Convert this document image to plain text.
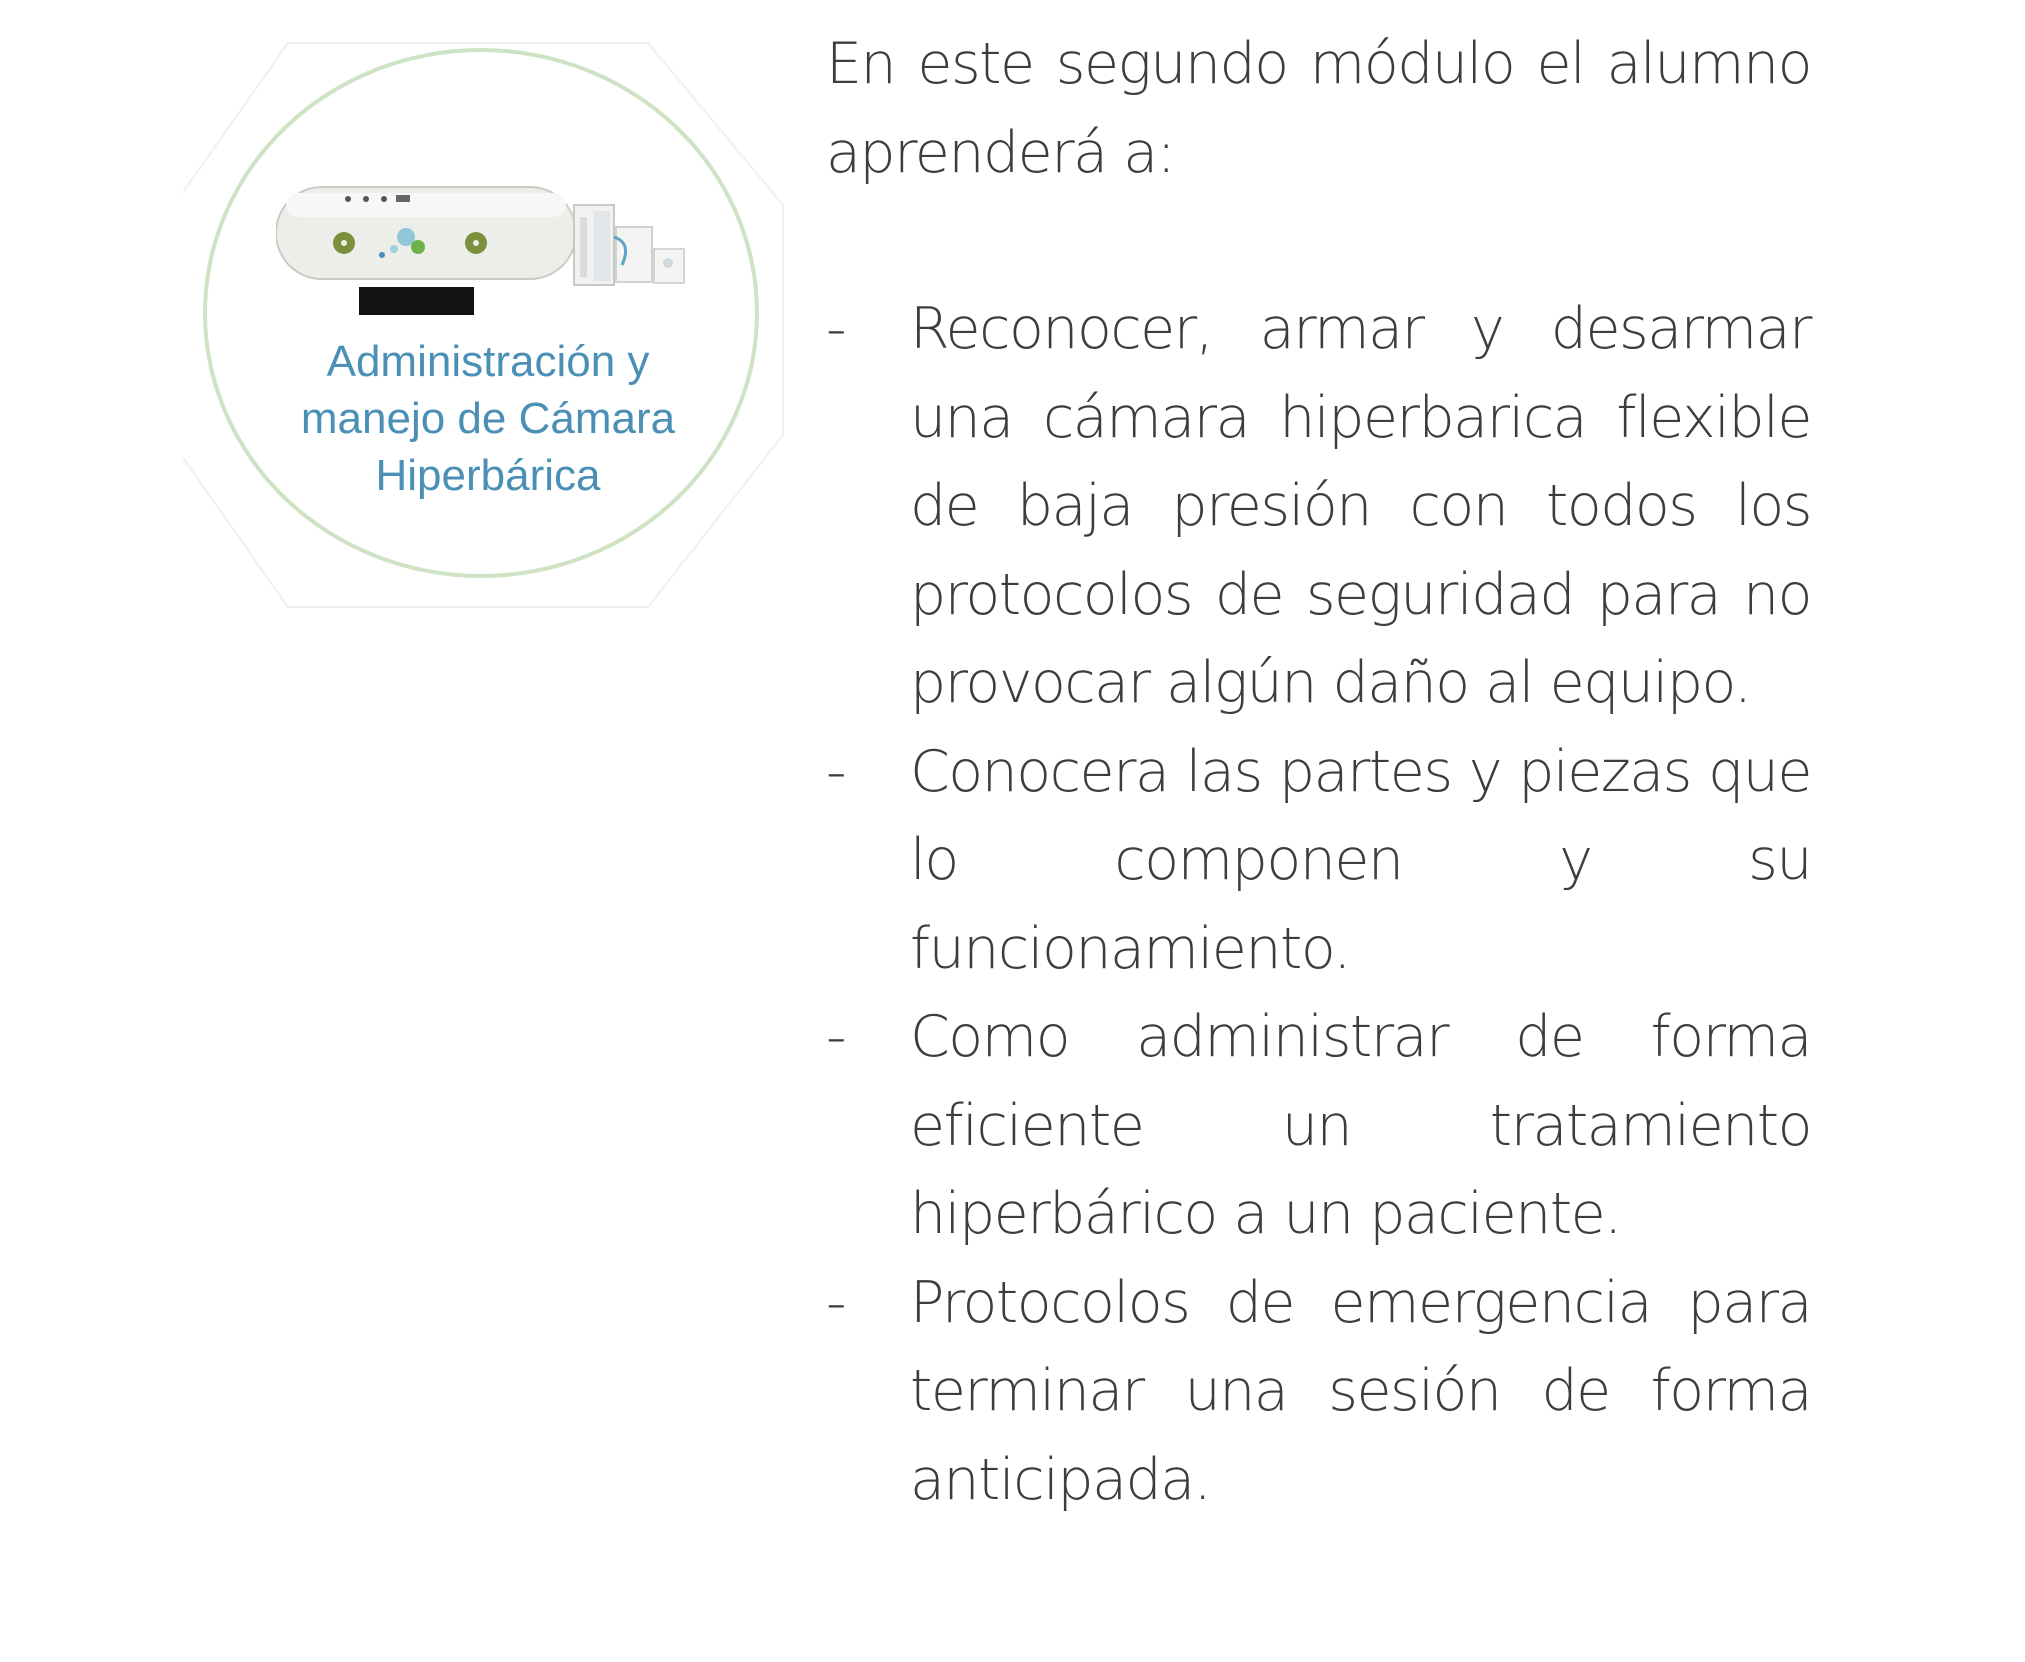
Administración y
manejo de Cámara
Hiperbárica

En este segundo módulo el alumno aprenderá a:

- Reconocer, armar y desarmar una cámara hiperbarica flexible de baja presión con todos los protocolos de seguridad para no provocar algún daño al equipo.
- Conocera las partes y piezas que lo componen y su funcionamiento.
- Como administrar de forma eficiente un tratamiento hiperbárico a un paciente.
- Protocolos de emergencia para terminar una sesión de forma anticipada.
